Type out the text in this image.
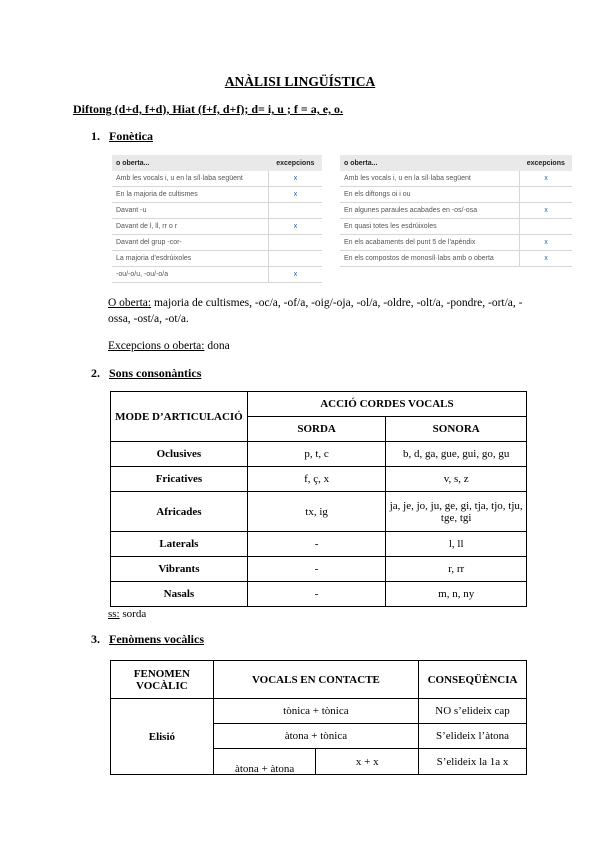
ANÀLISI LINGÜÍSTICA
Diftong (d+d, f+d), Hiat (f+f, d+f); d= i, u ; f = a, e, o.
1. Fonètica
o oberta...	excepcions
Amb les vocals i, u en la síl·laba següent	x
En la majoria de cultismes	x
Davant -u	
Davant de l, ll, rr o r	x
Davant del grup -cor-	
La majoria d'esdrúixoles	
-ou/-o/u, -ou/-o/a	x
o oberta...	excepcions
Amb les vocals i, u en la síl·laba següent	x
En els diftongs oi i ou	
En algunes paraules acabades en -os/-osa	x
En quasi totes les esdrúixoles	
En els acabaments del punt 5 de l'apèndix	x
En els compostos de monosíl·labs amb o oberta	x
O oberta: majoria de cultismes, -oc/a, -of/a, -oig/-oja, -ol/a, -oldre, -olt/a, -pondre, -ort/a, -ossa, -ost/a, -ot/a.
Excepcions o oberta: dona
2. Sons consonàntics
MODE D’ARTICULACIÓ	ACCIÓ CORDES VOCALS	
	SORDA	SONORA
Oclusives	p, t, c	b, d, ga, gue, gui, go, gu
Fricatives	f, ç, x	v, s, z
Africades	tx, ig	ja, je, jo, ju, ge, gi, tja, tjo, tju, tge, tgi
Laterals	-	l, ll
Vibrants	-	r, rr
Nasals	-	m, n, ny
ss: sorda
3. Fenòmens vocàlics
FENOMEN VOCÀLIC	VOCALS EN CONTACTE		CONSEQÜÈNCIA
Elisió	tònica + tònica		NO s’elideix cap
	àtona + tònica		S’elideix l’àtona
	àtona + àtona	x + x	S’elideix la 1a x
